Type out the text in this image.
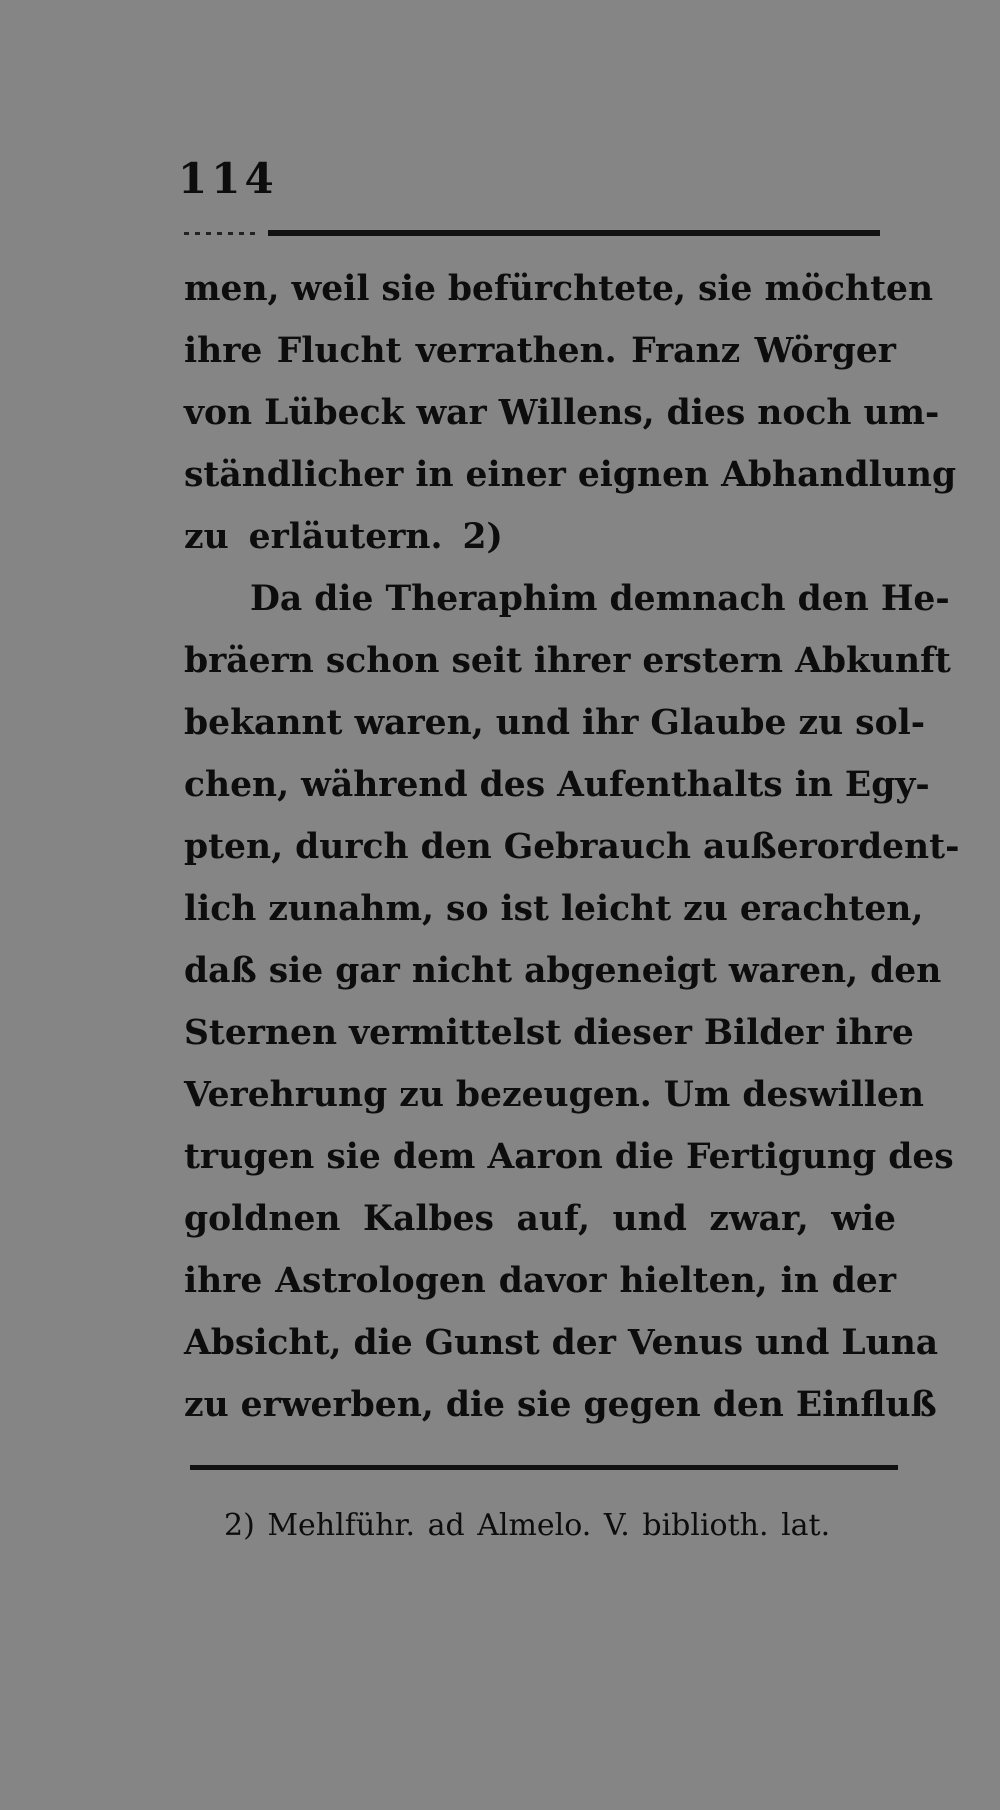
114
men, weil sie befürchtete, sie möchten
ihre Flucht verrathen. Franz Wörger
von Lübeck war Willens, dies noch um-
ständlicher in einer eignen Abhandlung
zu erläutern. 2)
Da die Theraphim demnach den He-
bräern schon seit ihrer erstern Abkunft
bekannt waren, und ihr Glaube zu sol-
chen, während des Aufenthalts in Egy-
pten, durch den Gebrauch außerordent-
lich zunahm, so ist leicht zu erachten,
daß sie gar nicht abgeneigt waren, den
Sternen vermittelst dieser Bilder ihre
Verehrung zu bezeugen. Um deswillen
trugen sie dem Aaron die Fertigung des
goldnen Kalbes auf, und zwar, wie
ihre Astrologen davor hielten, in der
Absicht, die Gunst der Venus und Luna
zu erwerben, die sie gegen den Einfluß
2) Mehlführ. ad Almelo. V. biblioth. lat.
